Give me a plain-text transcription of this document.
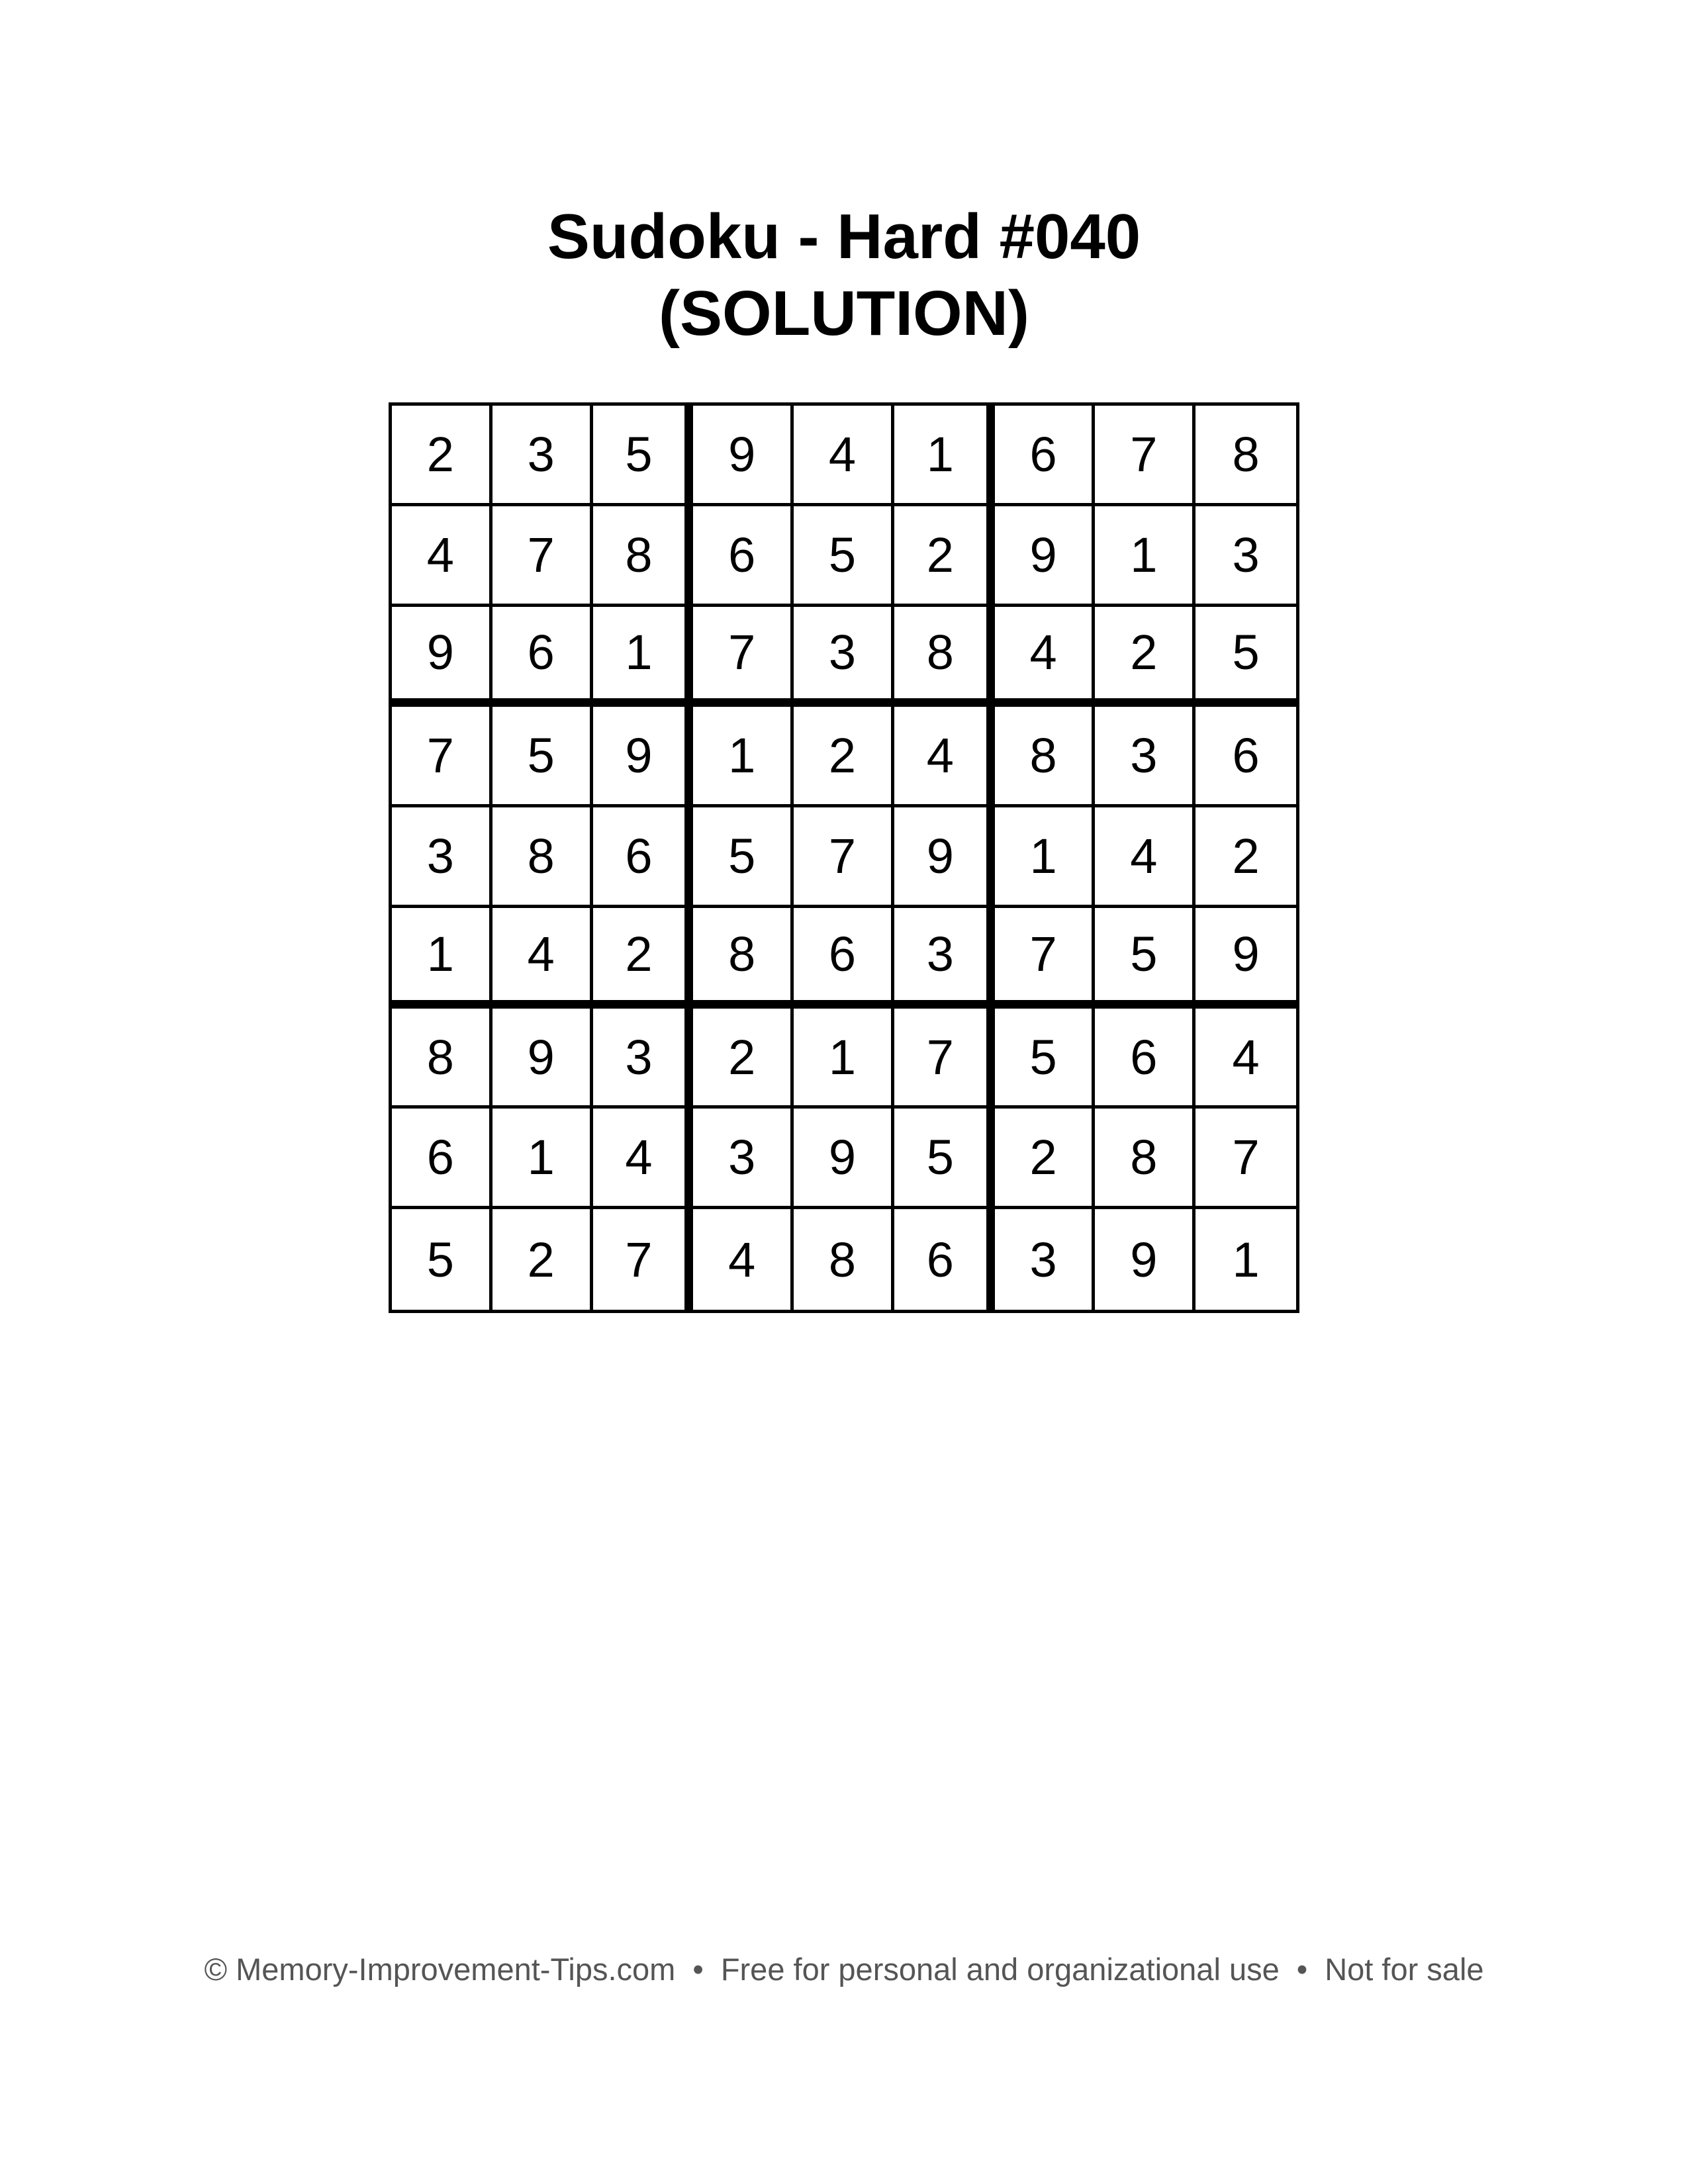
Sudoku - Hard #040
(SOLUTION)
2	3	5	9	4	1	6	7	8
4	7	8	6	5	2	9	1	3
9	6	1	7	3	8	4	2	5
7	5	9	1	2	4	8	3	6
3	8	6	5	7	9	1	4	2
1	4	2	8	6	3	7	5	9
8	9	3	2	1	7	5	6	4
6	1	4	3	9	5	2	8	7
5	2	7	4	8	6	3	9	1
© Memory-Improvement-Tips.com • Free for personal and organizational use • Not for sale
